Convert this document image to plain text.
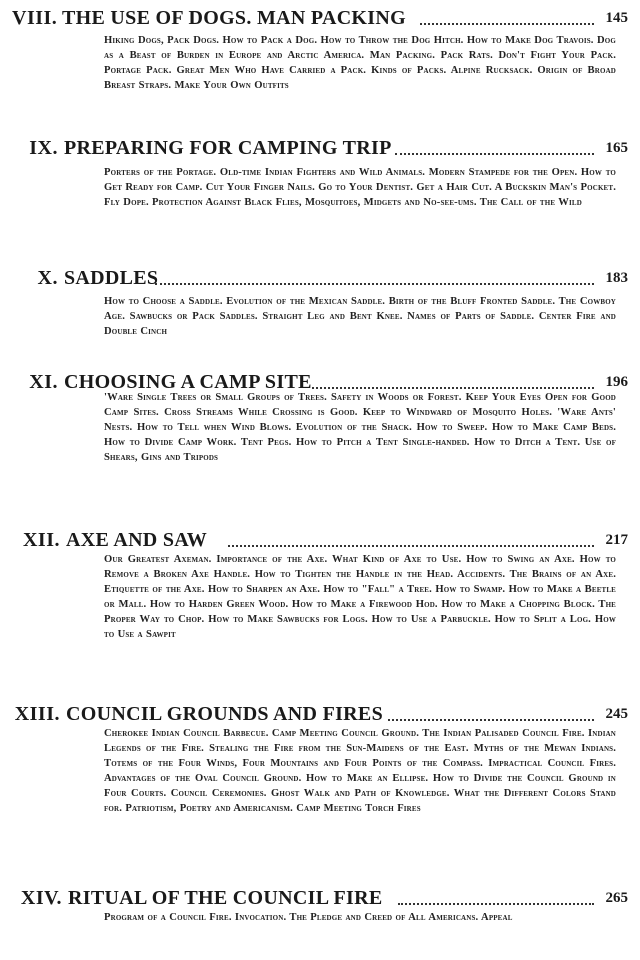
VIII. THE USE OF DOGS. MAN PACKING	145
Hiking Dogs, Pack Dogs. How to Pack a Dog. How to Throw the Dog Hitch. How to Make Dog Travois. Dog as a Beast of Burden in Europe and Arctic America. Man Packing. Pack Rats. Don't Fight Your Pack. Portage Pack. Great Men Who Have Carried a Pack. Kinds of Packs. Alpine Rucksack. Origin of Broad Breast Straps. Make Your Own Outfits
IX. PREPARING FOR CAMPING TRIP	165
Porters of the Portage. Old-time Indian Fighters and Wild Animals. Modern Stampede for the Open. How to Get Ready for Camp. Cut Your Finger Nails. Go to Your Dentist. Get a Hair Cut. A Buckskin Man's Pocket. Fly Dope. Protection Against Black Flies, Mosquitoes, Midgets and No-see-ums. The Call of the Wild
X. SADDLES	183
How to Choose a Saddle. Evolution of the Mexican Saddle. Birth of the Bluff Fronted Saddle. The Cowboy Age. Sawbucks or Pack Saddles. Straight Leg and Bent Knee. Names of Parts of Saddle. Center Fire and Double Cinch
XI. CHOOSING A CAMP SITE	196
'Ware Single Trees or Small Groups of Trees. Safety in Woods or Forest. Keep Your Eyes Open for Good Camp Sites. Cross Streams While Crossing is Good. Keep to Windward of Mosquito Holes. 'Ware Ants' Nests. How to Tell when Wind Blows. Evolution of the Shack. How to Sweep. How to Make Camp Beds. How to Divide Camp Work. Tent Pegs. How to Pitch a Tent Single-handed. How to Ditch a Tent. Use of Shears, Gins and Tripods
XII. AXE AND SAW	217
Our Greatest Axeman. Importance of the Axe. What Kind of Axe to Use. How to Swing an Axe. How to Remove a Broken Axe Handle. How to Tighten the Handle in the Head. Accidents. The Brains of an Axe. Etiquette of the Axe. How to Sharpen an Axe. How to "Fall" a Tree. How to Swamp. How to Make a Beetle or Mall. How to Harden Green Wood. How to Make a Firewood Hod. How to Make a Chopping Block. The Proper Way to Chop. How to Make Sawbucks for Logs. How to Use a Parbuckle. How to Split a Log. How to Use a Sawpit
XIII. COUNCIL GROUNDS AND FIRES	245
Cherokee Indian Council Barbecue. Camp Meeting Council Ground. The Indian Palisaded Council Fire. Indian Legends of the Fire. Stealing the Fire from the Sun-Maidens of the East. Myths of the Mewan Indians. Totems of the Four Winds, Four Mountains and Four Points of the Compass. Impractical Council Fires. Advantages of the Oval Council Ground. How to Make an Ellipse. How to Divide the Council Ground in Four Courts. Council Ceremonies. Ghost Walk and Path of Knowledge. What the Different Colors Stand for. Patriotism, Poetry and Americanism. Camp Meeting Torch Fires
XIV. RITUAL OF THE COUNCIL FIRE	265
Program of a Council Fire. Invocation. The Pledge and Creed of All Americans. Appeal
